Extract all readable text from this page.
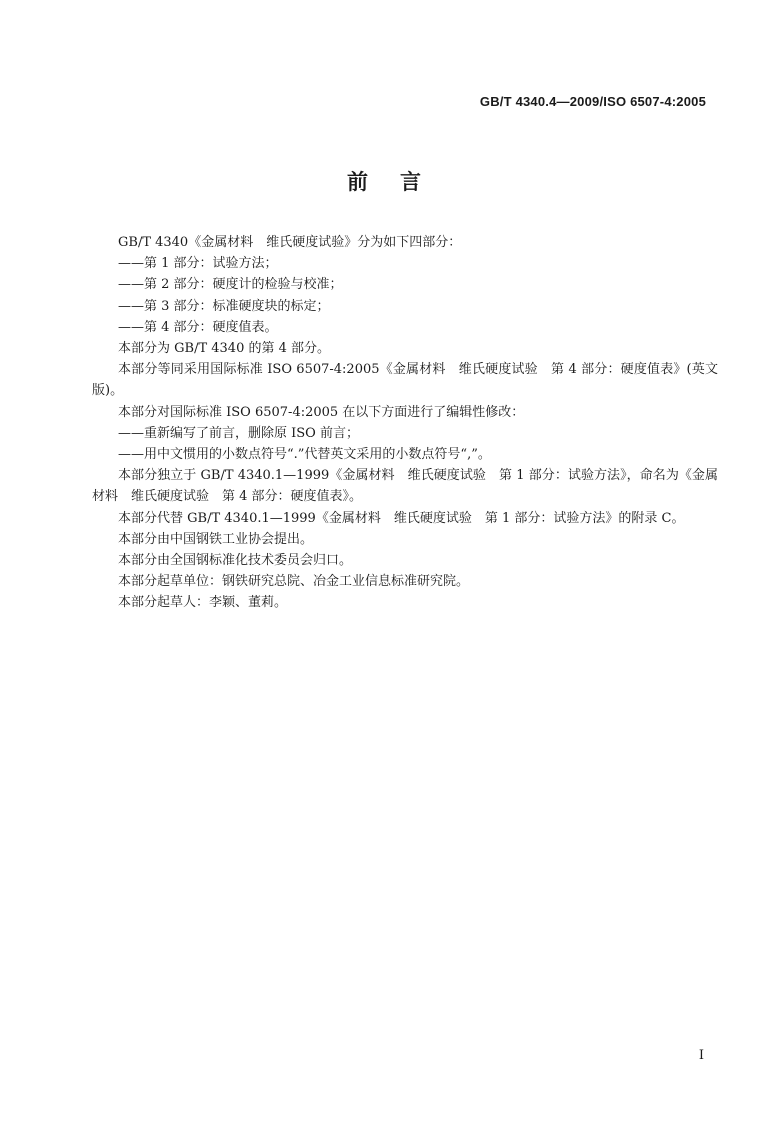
GB/T 4340.4—2009/ISO 6507-4:2005
前言

GB/T 4340《金属材料　维氏硬度试验》分为如下四部分：

——第 1 部分：试验方法；

——第 2 部分：硬度计的检验与校准；

——第 3 部分：标准硬度块的标定；

——第 4 部分：硬度值表。

本部分为 GB/T 4340 的第 4 部分。

本部分等同采用国际标准 ISO 6507-4:2005《金属材料　维氏硬度试验　第 4 部分：硬度值表》(英文版)。

本部分对国际标准 ISO 6507-4:2005 在以下方面进行了编辑性修改：

——重新编写了前言，删除原 ISO 前言；

——用中文惯用的小数点符号“.”代替英文采用的小数点符号“,”。

本部分独立于 GB/T 4340.1—1999《金属材料　维氏硬度试验　第 1 部分：试验方法》，命名为《金属材料　维氏硬度试验　第 4 部分：硬度值表》。

本部分代替 GB/T 4340.1—1999《金属材料　维氏硬度试验　第 1 部分：试验方法》的附录 C。

本部分由中国钢铁工业协会提出。

本部分由全国钢标准化技术委员会归口。

本部分起草单位：钢铁研究总院、冶金工业信息标准研究院。

本部分起草人：李颖、董莉。

I
